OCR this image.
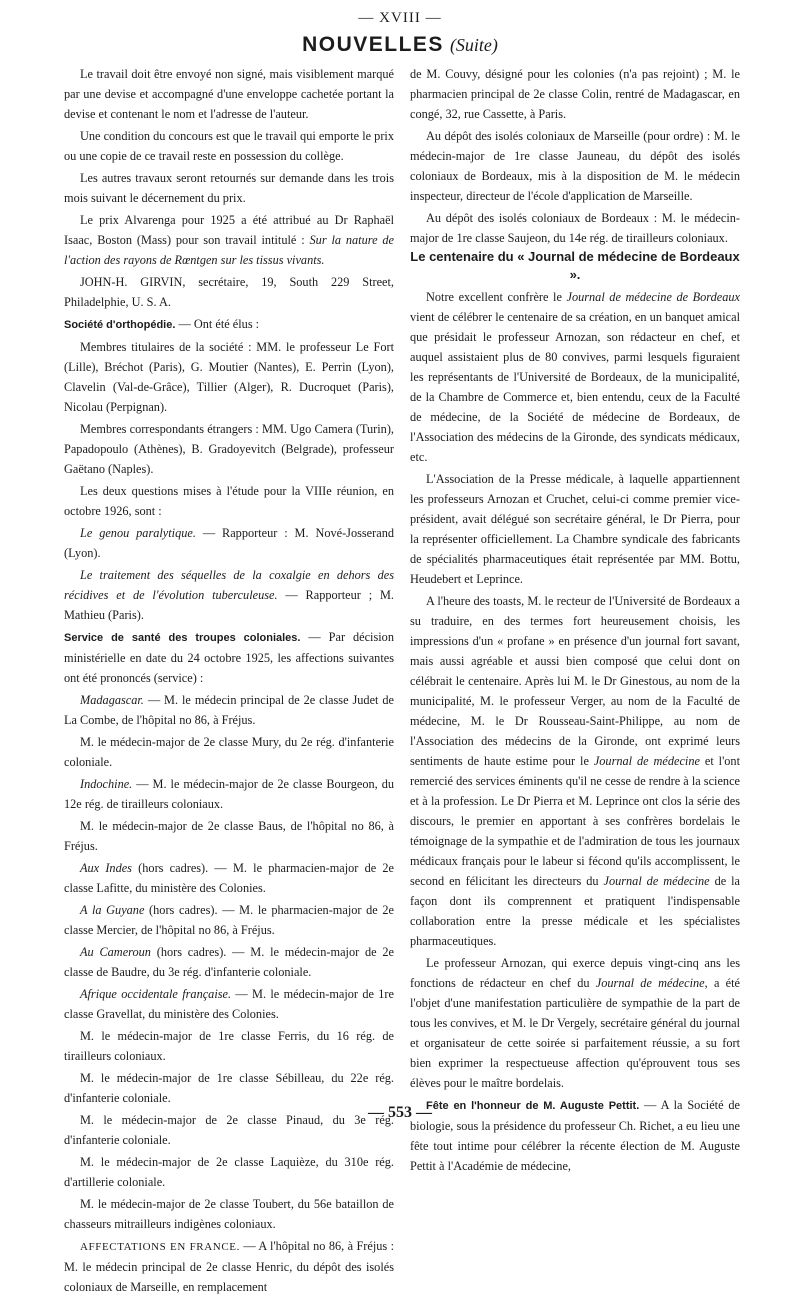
— XVIII —
NOUVELLES (Suite)

Le travail doit être envoyé non signé, mais visiblement marqué par une devise et accompagné d'une enveloppe cachetée portant la devise et contenant le nom et l'adresse de l'auteur.

Une condition du concours est que le travail qui emporte le prix ou une copie de ce travail reste en possession du collège.

Les autres travaux seront retournés sur demande dans les trois mois suivant le décernement du prix.

Le prix Alvarenga pour 1925 a été attribué au Dr Raphaël Isaac, Boston (Mass) pour son travail intitulé : Sur la nature de l'action des rayons de Rœntgen sur les tissus vivants.

JOHN-H. GIRVIN, secrétaire, 19, South 229 Street, Philadelphie, U. S. A.

Société d'orthopédie. — Ont été élus :

Membres titulaires de la société : MM. le professeur Le Fort (Lille), Bréchot (Paris), G. Moutier (Nantes), E. Perrin (Lyon), Clavelin (Val-de-Grâce), Tillier (Alger), R. Ducroquet (Paris), Nicolau (Perpignan).

Membres correspondants étrangers : MM. Ugo Camera (Turin), Papadopoulo (Athènes), B. Gradoyevitch (Belgrade), professeur Gaëtano (Naples).

Les deux questions mises à l'étude pour la VIIIe réunion, en octobre 1926, sont :

Le genou paralytique. — Rapporteur : M. Nové-Josserand (Lyon).

Le traitement des séquelles de la coxalgie en dehors des récidives et de l'évolution tuberculeuse. — Rapporteur ; M. Mathieu (Paris).

Service de santé des troupes coloniales. — Par décision ministérielle en date du 24 octobre 1925, les affections suivantes ont été prononcés (service) :

Madagascar. — M. le médecin principal de 2e classe Judet de La Combe, de l'hôpital no 86, à Fréjus.

M. le médecin-major de 2e classe Mury, du 2e rég. d'infanterie coloniale.

Indochine. — M. le médecin-major de 2e classe Bourgeon, du 12e rég. de tirailleurs coloniaux.

M. le médecin-major de 2e classe Baus, de l'hôpital no 86, à Fréjus.

Aux Indes (hors cadres). — M. le pharmacien-major de 2e classe Lafitte, du ministère des Colonies.

A la Guyane (hors cadres). — M. le pharmacien-major de 2e classe Mercier, de l'hôpital no 86, à Fréjus.

Au Cameroun (hors cadres). — M. le médecin-major de 2e classe de Baudre, du 3e rég. d'infanterie coloniale.

Afrique occidentale française. — M. le médecin-major de 1re classe Gravellat, du ministère des Colonies.

M. le médecin-major de 1re classe Ferris, du 16 rég. de tirailleurs coloniaux.

M. le médecin-major de 1re classe Sébilleau, du 22e rég. d'infanterie coloniale.

M. le médecin-major de 2e classe Pinaud, du 3e rég. d'infanterie coloniale.

M. le médecin-major de 2e classe Laquièze, du 310e rég. d'artillerie coloniale.

M. le médecin-major de 2e classe Toubert, du 56e bataillon de chasseurs mitrailleurs indigènes coloniaux.

AFFECTATIONS EN FRANCE. — A l'hôpital no 86, à Fréjus : M. le médecin principal de 2e classe Henric, du dépôt des isolés coloniaux de Marseille, en remplacement

de M. Couvy, désigné pour les colonies (n'a pas rejoint) ; M. le pharmacien principal de 2e classe Colin, rentré de Madagascar, en congé, 32, rue Cassette, à Paris.

Au dépôt des isolés coloniaux de Marseille (pour ordre) : M. le médecin-major de 1re classe Jauneau, du dépôt des isolés coloniaux de Bordeaux, mis à la disposition de M. le médecin inspecteur, directeur de l'école d'application de Marseille.

Au dépôt des isolés coloniaux de Bordeaux : M. le médecin-major de 1re classe Saujeon, du 14e rég. de tirailleurs coloniaux.

Le centenaire du « Journal de médecine de Bordeaux ».

Notre excellent confrère le Journal de médecine de Bordeaux vient de célébrer le centenaire de sa création, en un banquet amical que présidait le professeur Arnozan, son rédacteur en chef, et auquel assistaient plus de 80 convives, parmi lesquels figuraient les représentants de l'Université de Bordeaux, de la municipalité, de la Chambre de Commerce et, bien entendu, ceux de la Faculté de médecine, de la Société de médecine de Bordeaux, de l'Association des médecins de la Gironde, des syndicats médicaux, etc.

L'Association de la Presse médicale, à laquelle appartiennent les professeurs Arnozan et Cruchet, celui-ci comme premier vice-président, avait délégué son secrétaire général, le Dr Pierra, pour la représenter officiellement. La Chambre syndicale des fabricants de spécialités pharmaceutiques était représentée par MM. Bottu, Heudebert et Leprince.

A l'heure des toasts, M. le recteur de l'Université de Bordeaux a su traduire, en des termes fort heureusement choisis, les impressions d'un « profane » en présence d'un journal fort savant, mais aussi agréable et aussi bien composé que celui dont on célébrait le centenaire. Après lui M. le Dr Ginestous, au nom de la municipalité, M. le professeur Verger, au nom de la Faculté de médecine, M. le Dr Rousseau-Saint-Philippe, au nom de l'Association des médecins de la Gironde, ont exprimé leurs sentiments de haute estime pour le Journal de médecine et l'ont remercié des services éminents qu'il ne cesse de rendre à la science et à la profession. Le Dr Pierra et M. Leprince ont clos la série des discours, le premier en apportant à ses confrères bordelais le témoignage de la sympathie et de l'admiration de tous les journaux médicaux français pour le labeur si fécond qu'ils accomplissent, le second en félicitant les directeurs du Journal de médecine de la façon dont ils comprennent et pratiquent l'indispensable collaboration entre la presse médicale et les spécialistes pharmaceutiques.

Le professeur Arnozan, qui exerce depuis vingt-cinq ans les fonctions de rédacteur en chef du Journal de médecine, a été l'objet d'une manifestation particulière de sympathie de la part de tous les convives, et M. le Dr Vergely, secrétaire général du journal et organisateur de cette soirée si parfaitement réussie, a su fort bien exprimer la respectueuse affection qu'éprouvent tous ses élèves pour le maître bordelais.

Fête en l'honneur de M. Auguste Pettit. — A la Société de biologie, sous la présidence du professeur Ch. Richet, a eu lieu une fête tout intime pour célébrer la récente élection de M. Auguste Pettit à l'Académie de médecine,

— 553 —
